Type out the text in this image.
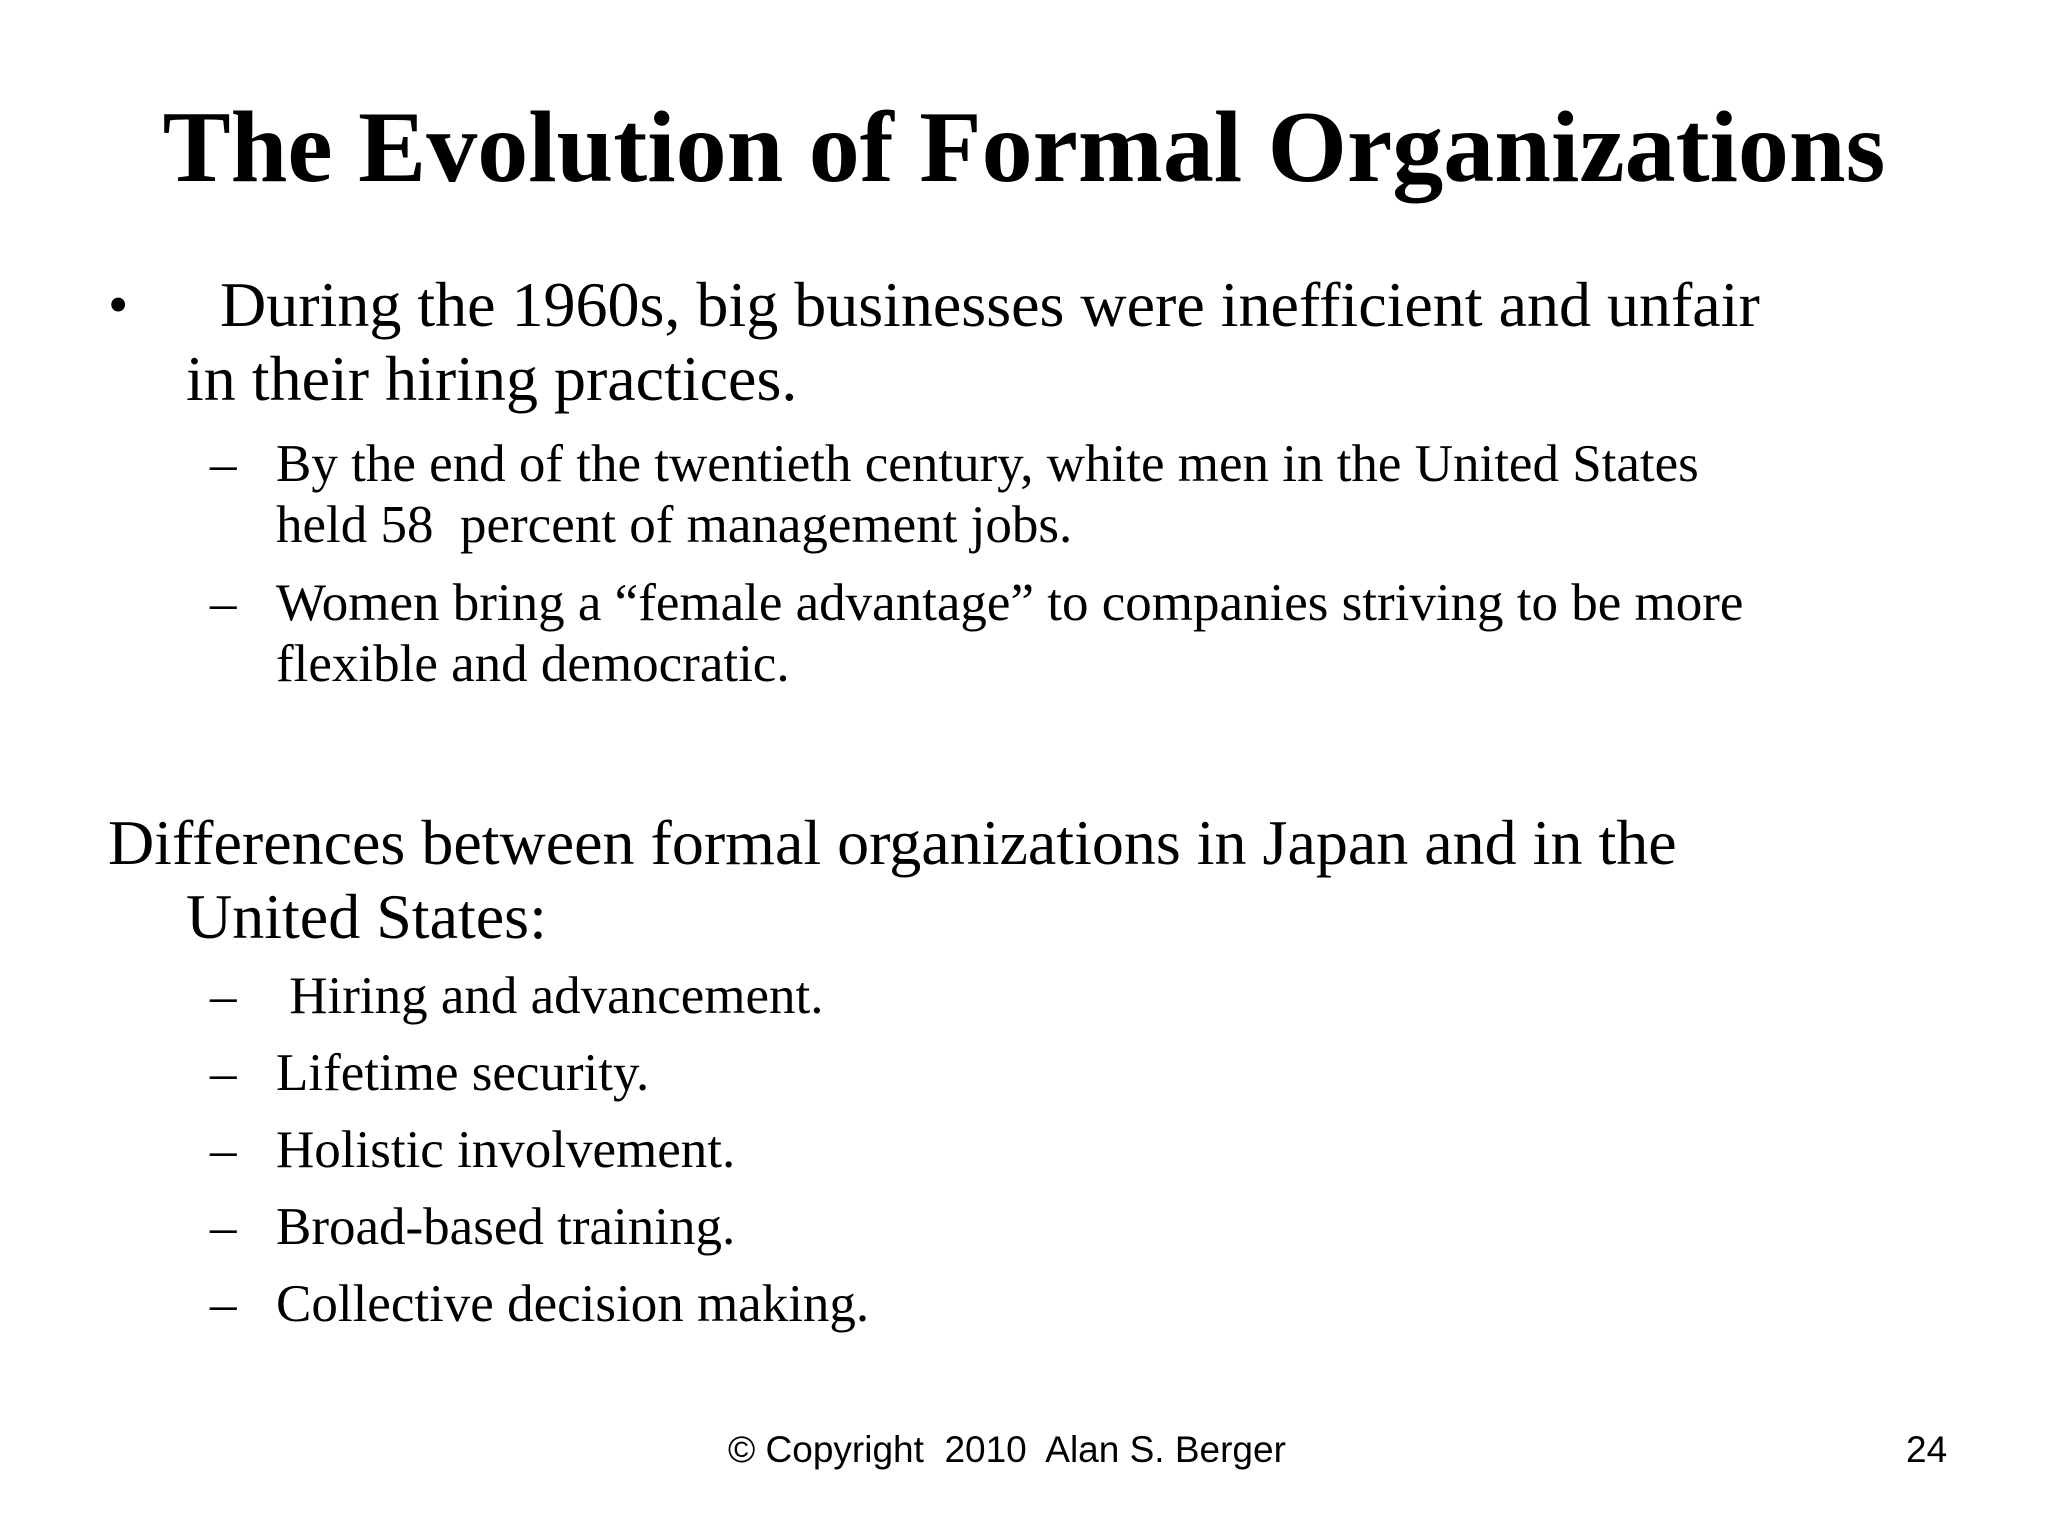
The Evolution of Formal Organizations
• During the 1960s, big businesses were inefficient and unfair
in their hiring practices.
– By the end of the twentieth century, white men in the United States
held 58  percent of management jobs.
– Women bring a “female advantage” to companies striving to be more
flexible and democratic.
Differences between formal organizations in Japan and in the
United States:
– Hiring and advancement.
– Lifetime security.
– Holistic involvement.
– Broad-based training.
– Collective decision making.
© Copyright  2010  Alan S. Berger	24
